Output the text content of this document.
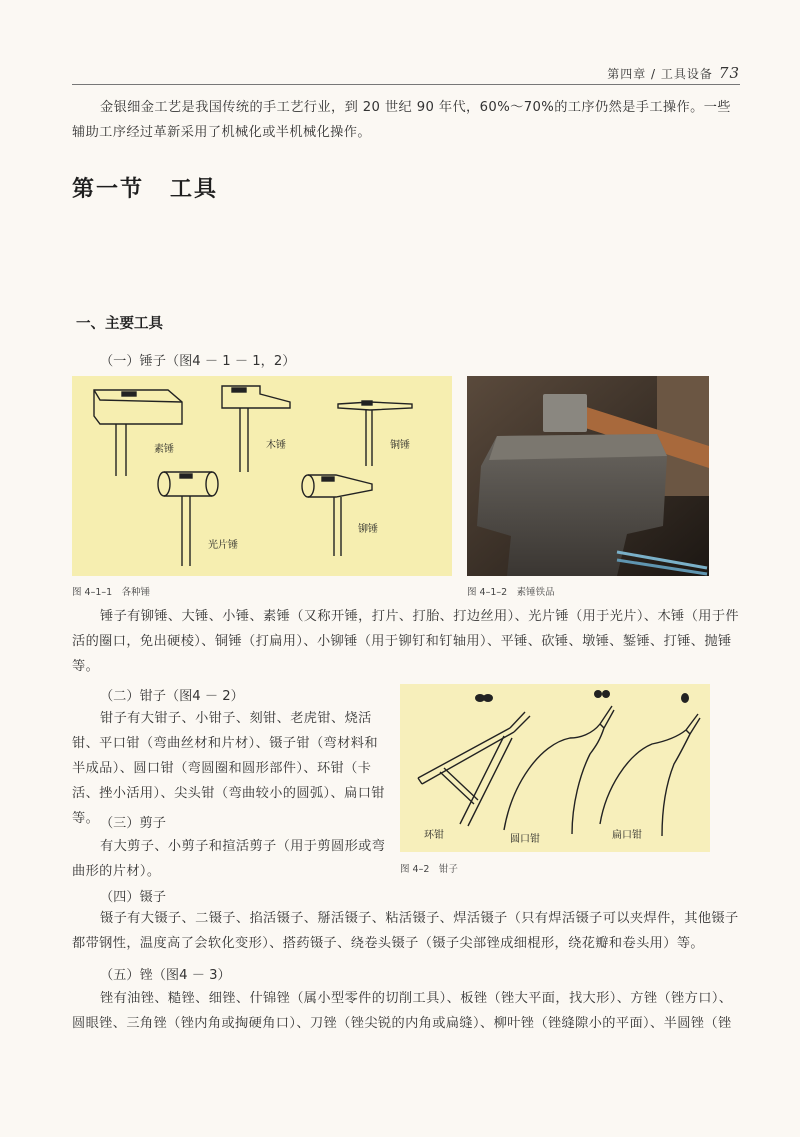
第四章 / 工具设备 73
金银细金工艺是我国传统的手工艺行业，到 20 世纪 90 年代，60%～70%的工序仍然是手工操作。一些辅助工序经过革新采用了机械化或半机械化操作。
第一节 工具
一、主要工具
（一）锤子（图4 － 1 － 1，2）
素锤	木锤	铜锤
光片锤
铆锤
图 4–1–1　各种锤	图 4–1–2　素锤铁品
锤子有铆锤、大锤、小锤、素锤（又称开锤，打片、打胎、打边丝用）、光片锤（用于光片）、木锤（用于件活的圈口，免出硬棱）、铜锤（打扁用）、小铆锤（用于铆钉和钉轴用）、平锤、砍锤、墩锤、錾锤、打锤、抛锤等。
（二）钳子（图4 － 2）
钳子有大钳子、小钳子、刻钳、老虎钳、烧活钳、平口钳（弯曲丝材和片材）、镊子钳（弯材料和半成品）、圆口钳（弯圆圈和圆形部件）、环钳（卡活、挫小活用）、尖头钳（弯曲较小的圆弧）、扁口钳等。
环钳	圆口钳	扁口钳
图 4–2　钳子
（三）剪子
有大剪子、小剪子和揎活剪子（用于剪圆形或弯曲形的片材）。
（四）镊子
镊子有大镊子、二镊子、掐活镊子、掰活镊子、粘活镊子、焊活镊子（只有焊活镊子可以夹焊件，其他镊子都带钢性，温度高了会软化变形）、搭药镊子、绕卷头镊子（镊子尖部锉成细棍形，绕花瓣和卷头用）等。
（五）锉（图4 － 3）
锉有油锉、糙锉、细锉、什锦锉（属小型零件的切削工具）、板锉（锉大平面，找大形）、方锉（锉方口）、圆眼锉、三角锉（锉内角或掏硬角口）、刀锉（锉尖锐的内角或扁缝）、柳叶锉（锉缝隙小的平面）、半圆锉（锉
